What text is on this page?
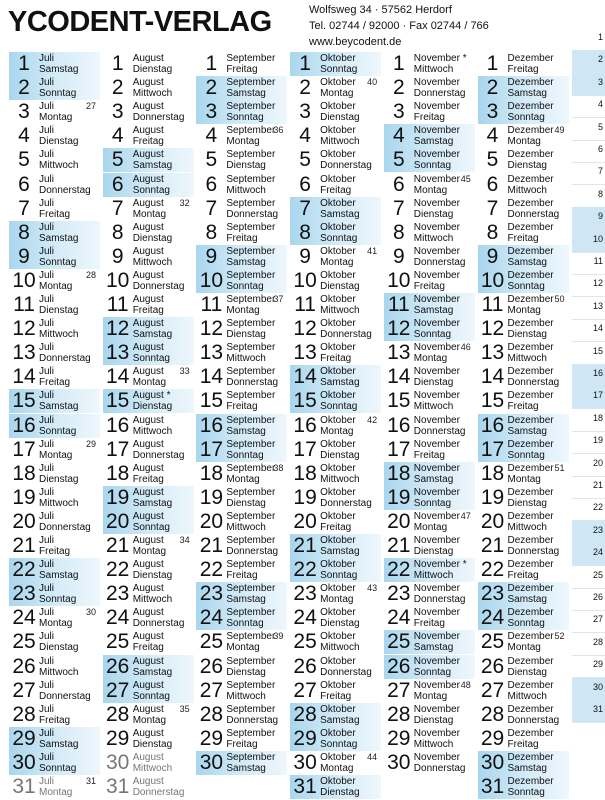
YCODENT-VERLAG	Wolfsweg 34 · 57562 Herdorf
Tel. 02744 / 92000 · Fax 02744 / 766
www.beycodent.de
1 Juli
Samstag
2 Juli
Sonntag
3 Juli
Montag
27
4 Juli
Dienstag
5 Juli
Mittwoch
6 Juli
Donnerstag
7 Juli
Freitag
8 Juli
Samstag
9 Juli
Sonntag
10 Juli
Montag
28
11 Juli
Dienstag
12 Juli
Mittwoch
13 Juli
Donnerstag
14 Juli
Freitag
15 Juli
Samstag
16 Juli
Sonntag
17 Juli
Montag
29
18 Juli
Dienstag
19 Juli
Mittwoch
20 Juli
Donnerstag
21 Juli
Freitag
22 Juli
Samstag
23 Juli
Sonntag
24 Juli
Montag
30
25 Juli
Dienstag
26 Juli
Mittwoch
27 Juli
Donnerstag
28 Juli
Freitag
29 Juli
Samstag
30 Juli
Sonntag
31 Juli
Montag
31
1 August
Dienstag
2 August
Mittwoch
3 August
Donnerstag
4 August
Freitag
5 August
Samstag
6 August
Sonntag
7 August
Montag
32
8 August
Dienstag
9 August
Mittwoch
10 August
Donnerstag
11 August
Freitag
12 August
Samstag
13 August
Sonntag
14 August
Montag
33
15 August *
Dienstag
16 August
Mittwoch
17 August
Donnerstag
18 August
Freitag
19 August
Samstag
20 August
Sonntag
21 August
Montag
34
22 August
Dienstag
23 August
Mittwoch
24 August
Donnerstag
25 August
Freitag
26 August
Samstag
27 August
Sonntag
28 August
Montag
35
29 August
Dienstag
30 August
Mittwoch
31 August
Donnerstag
1 September
Freitag
2 September
Samstag
3 September
Sonntag
4 September
Montag
36
5 September
Dienstag
6 September
Mittwoch
7 September
Donnerstag
8 September
Freitag
9 September
Samstag
10 September
Sonntag
11 September
Montag
37
12 September
Dienstag
13 September
Mittwoch
14 September
Donnerstag
15 September
Freitag
16 September
Samstag
17 September
Sonntag
18 September
Montag
38
19 September
Dienstag
20 September
Mittwoch
21 September
Donnerstag
22 September
Freitag
23 September
Samstag
24 September
Sonntag
25 September
Montag
39
26 September
Dienstag
27 September
Mittwoch
28 September
Donnerstag
29 September
Freitag
30 September
Samstag
1 Oktober
Sonntag
2 Oktober
Montag
40
3 Oktober
Dienstag
4 Oktober
Mittwoch
5 Oktober
Donnerstag
6 Oktober
Freitag
7 Oktober
Samstag
8 Oktober
Sonntag
9 Oktober
Montag
41
10 Oktober
Dienstag
11 Oktober
Mittwoch
12 Oktober
Donnerstag
13 Oktober
Freitag
14 Oktober
Samstag
15 Oktober
Sonntag
16 Oktober
Montag
42
17 Oktober
Dienstag
18 Oktober
Mittwoch
19 Oktober
Donnerstag
20 Oktober
Freitag
21 Oktober
Samstag
22 Oktober
Sonntag
23 Oktober
Montag
43
24 Oktober
Dienstag
25 Oktober
Mittwoch
26 Oktober
Donnerstag
27 Oktober
Freitag
28 Oktober
Samstag
29 Oktober
Sonntag
30 Oktober
Montag
44
31 Oktober
Dienstag
1 November *
Mittwoch
2 November
Donnerstag
3 November
Freitag
4 November
Samstag
5 November
Sonntag
6 November
Montag
45
7 November
Dienstag
8 November
Mittwoch
9 November
Donnerstag
10 November
Freitag
11 November
Samstag
12 November
Sonntag
13 November
Montag
46
14 November
Dienstag
15 November
Mittwoch
16 November
Donnerstag
17 November
Freitag
18 November
Samstag
19 November
Sonntag
20 November
Montag
47
21 November
Dienstag
22 November *
Mittwoch
23 November
Donnerstag
24 November
Freitag
25 November
Samstag
26 November
Sonntag
27 November
Montag
48
28 November
Dienstag
29 November
Mittwoch
30 November
Donnerstag
1 Dezember
Freitag
2 Dezember
Samstag
3 Dezember
Sonntag
4 Dezember
Montag
49
5 Dezember
Dienstag
6 Dezember
Mittwoch
7 Dezember
Donnerstag
8 Dezember
Freitag
9 Dezember
Samstag
10 Dezember
Sonntag
11 Dezember
Montag
50
12 Dezember
Dienstag
13 Dezember
Mittwoch
14 Dezember
Donnerstag
15 Dezember
Freitag
16 Dezember
Samstag
17 Dezember
Sonntag
18 Dezember
Montag
51
19 Dezember
Dienstag
20 Dezember
Mittwoch
21 Dezember
Donnerstag
22 Dezember
Freitag
23 Dezember
Samstag
24 Dezember
Sonntag
25 Dezember
Montag
52
26 Dezember
Dienstag
27 Dezember
Mittwoch
28 Dezember
Donnerstag
29 Dezember
Freitag
30 Dezember
Samstag
31 Dezember
Sonntag
1
2
3
4
5
6
7
8
9
10
11
12
13
14
15
16
17
18
19
20
21
22
23
24
25
26
27
28
29
30
31
